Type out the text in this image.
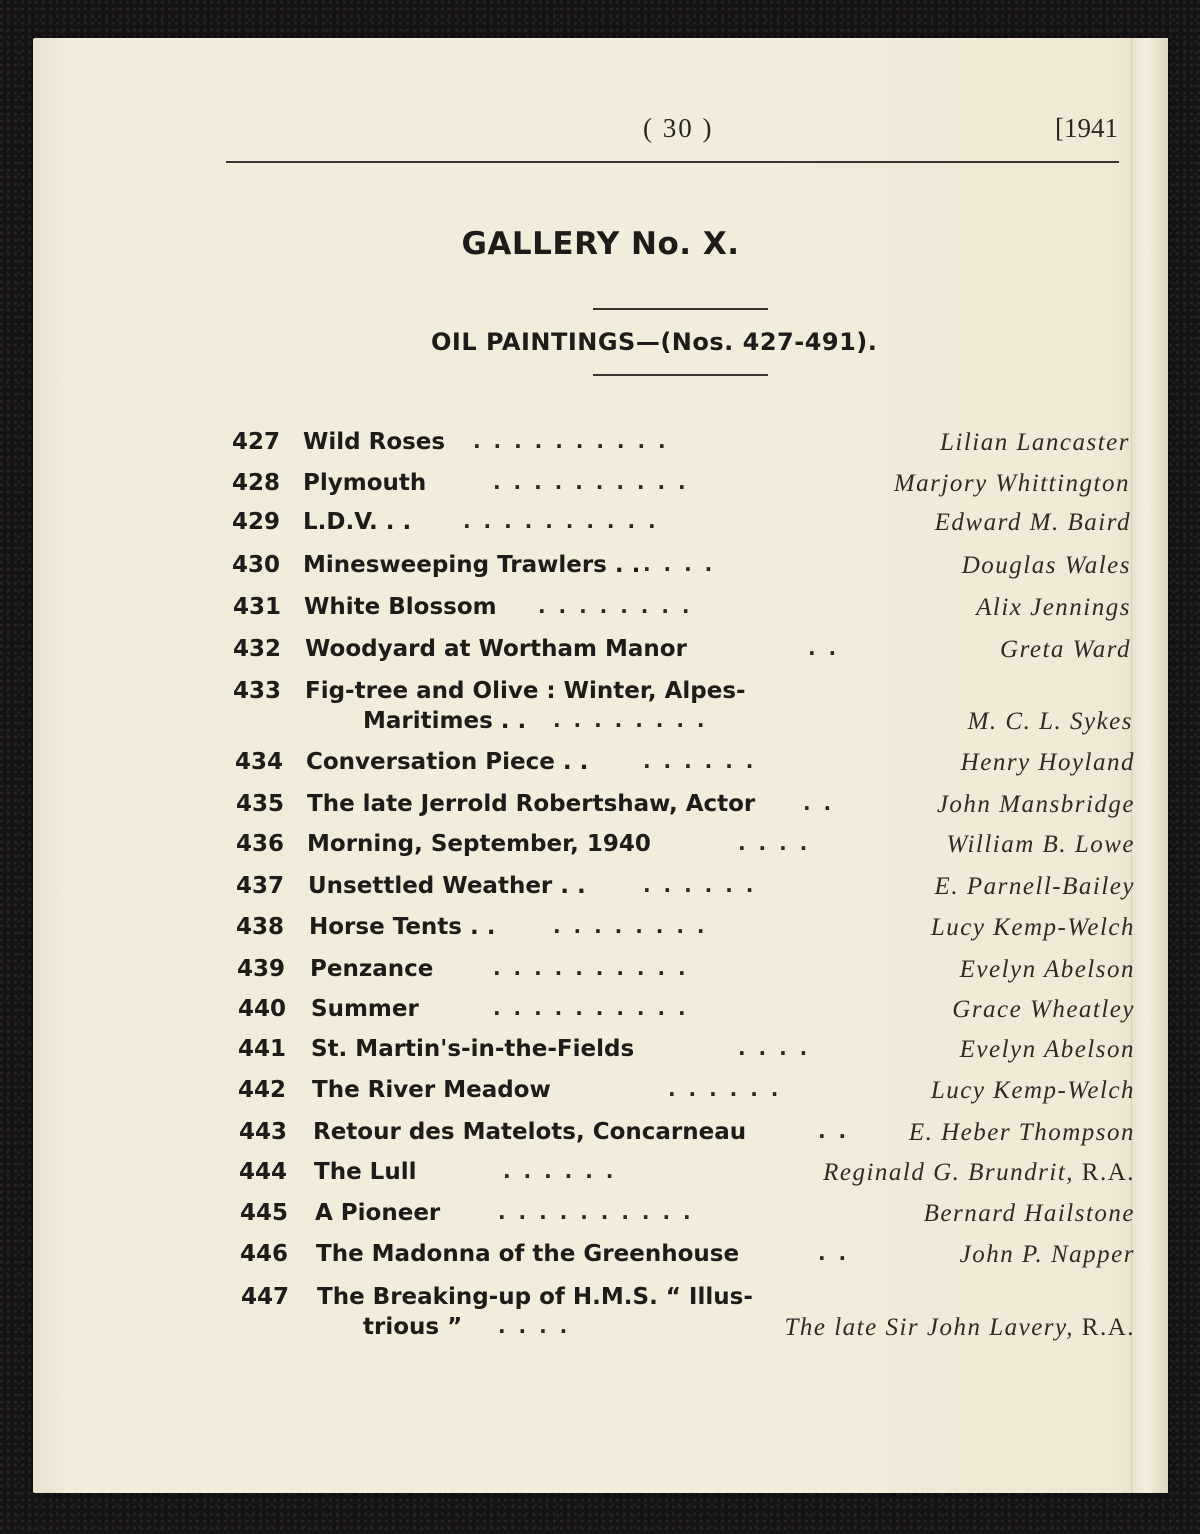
( 30 )	[1941
GALLERY No. X.
OIL PAINTINGS—(Nos. 427-491).
427 Wild Roses . . . . . . . . . .	Lilian Lancaster
428 Plymouth	. . . . . . . . . .	Marjory Whittington
429 L.D.V. . .	. . . . . . . . . .	Edward M. Baird
430 Minesweeping Trawlers . . . . . .	Douglas Wales
431 White Blossom . . . . . . . .	Alix Jennings
432 Woodyard at Wortham Manor	. .	Greta Ward
433 Fig-tree and Olive : Winter, Alpes-
Maritimes . . . . . . . . . .	M. C. L. Sykes
434 Conversation Piece . .	. . . . . .	Henry Hoyland
435 The late Jerrold Robertshaw, Actor . .	John Mansbridge
436 Morning, September, 1940	. . . .	William B. Lowe
437 Unsettled Weather . .	. . . . . .	E. Parnell-Bailey
438 Horse Tents . .	. . . . . . . .	Lucy Kemp-Welch
439 Penzance	. . . . . . . . . .	Evelyn Abelson
440 Summer	. . . . . . . . . .	Grace Wheatley
441 St. Martin's-in-the-Fields	. . . .	Evelyn Abelson
442 The River Meadow	. . . . . .	Lucy Kemp-Welch
443 Retour des Matelots, Concarneau	. . E. Heber Thompson
444 The Lull	. . . . . .	Reginald G. Brundrit, R.A.
445 A Pioneer	. . . . . . . . . .	Bernard Hailstone
446 The Madonna of the Greenhouse	. .	John P. Napper
447 The Breaking-up of H.M.S. “ Illus-
trious ” . . . .	The late Sir John Lavery, R.A.
